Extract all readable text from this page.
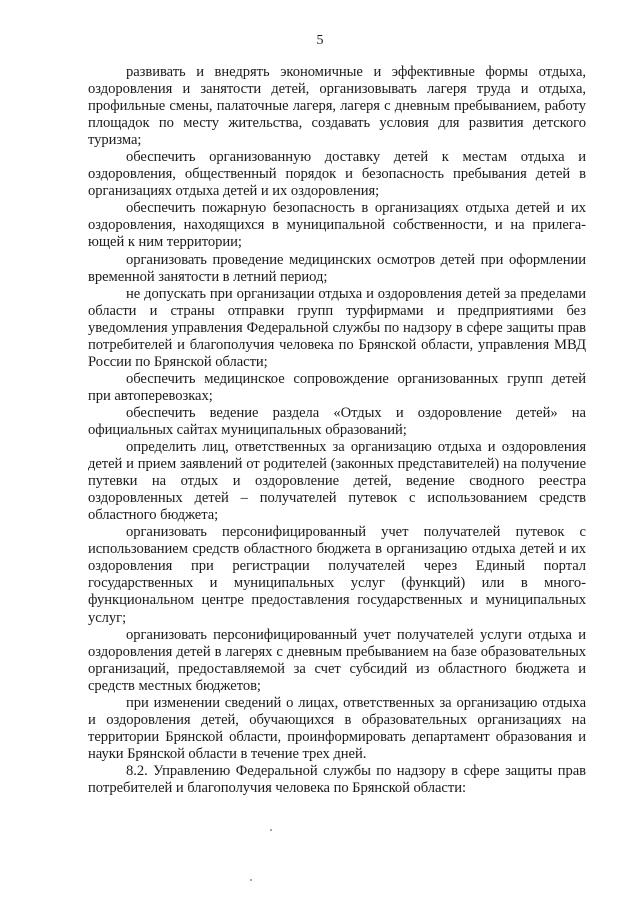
5

развивать и внедрять экономичные и эффективные формы отдыха, оздоровления и занятости детей, организовывать лагеря труда и отдыха, профильные смены, палаточные лагеря, лагеря с дневным пребыванием, работу площадок по месту жительства, создавать условия для развития детского туризма;

обеспечить организованную доставку детей к местам отдыха и оздоровления, общественный порядок и безопасность пребывания детей в организациях отдыха детей и их оздоровления;

обеспечить пожарную безопасность в организациях отдыха детей и их оздоровления, находящихся в муниципальной собственности, и на прилегающей к ним территории;

организовать проведение медицинских осмотров детей при оформлении временной занятости в летний период;

не допускать при организации отдыха и оздоровления детей за пределами области и страны отправки групп турфирмами и предприятиями без уведомления управления Федеральной службы по надзору в сфере защиты прав потребителей и благополучия человека по Брянской области, управления МВД России по Брянской области;

обеспечить медицинское сопровождение организованных групп детей при автоперевозках;

обеспечить ведение раздела «Отдых и оздоровление детей» на официальных сайтах муниципальных образований;

определить лиц, ответственных за организацию отдыха и оздоровления детей и прием заявлений от родителей (законных представителей) на получение путевки на отдых и оздоровление детей, ведение сводного реестра оздоровленных детей – получателей путевок с использованием средств областного бюджета;

организовать персонифицированный учет получателей путевок с использованием средств областного бюджета в организацию отдыха детей и их оздоровления при регистрации получателей через Единый портал государственных и муниципальных услуг (функций) или в многофункциональном центре предоставления государственных и муниципальных услуг;

организовать персонифицированный учет получателей услуги отдыха и оздоровления детей в лагерях с дневным пребыванием на базе образовательных организаций, предоставляемой за счет субсидий из областного бюджета и средств местных бюджетов;

при изменении сведений о лицах, ответственных за организацию отдыха и оздоровления детей, обучающихся в образовательных организациях на территории Брянской области, проинформировать департамент образования и науки Брянской области в течение трех дней.

8.2. Управлению Федеральной службы по надзору в сфере защиты прав потребителей и благополучия человека по Брянской области:
